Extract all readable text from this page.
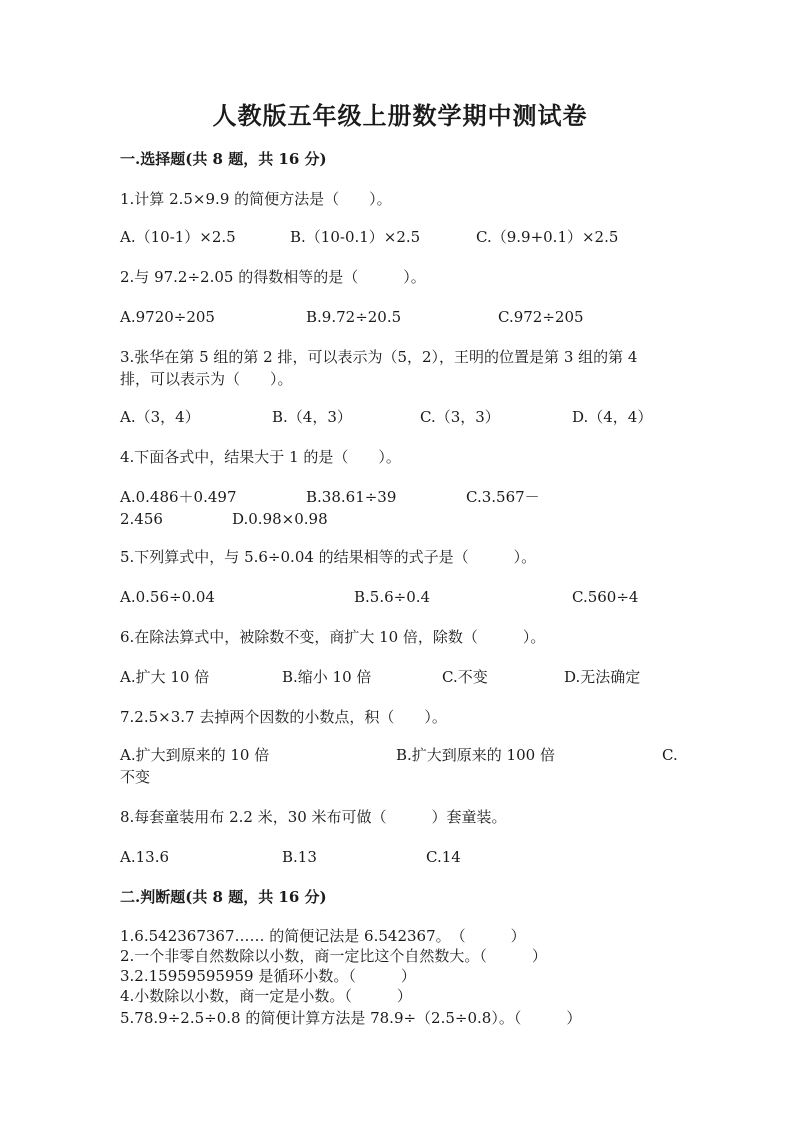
人教版五年级上册数学期中测试卷
一.选择题(共 8 题，共 16 分)
1.计算 2.5×9.9 的简便方法是（　　）。
A.（10-1）×2.5	B.（10-0.1）×2.5	C.（9.9+0.1）×2.5
2.与 97.2÷2.05 的得数相等的是（　　　）。
A.9720÷205	B.9.72÷20.5	C.972÷205
3.张华在第 5 组的第 2 排，可以表示为（5，2），王明的位置是第 3 组的第 4
排，可以表示为（　　）。
A.（3，4）	B.（4，3）	C.（3，3）	D.（4，4）
4.下面各式中，结果大于 1 的是（　　）。
A.0.486＋0.497	B.38.61÷39	C.3.567－
2.456	D.0.98×0.98
5.下列算式中，与 5.6÷0.04 的结果相等的式子是（　　　）。
A.0.56÷0.04	B.5.6÷0.4	C.560÷4
6.在除法算式中，被除数不变，商扩大 10 倍，除数（　　　）。
A.扩大 10 倍	B.缩小 10 倍	C.不变	D.无法确定
7.2.5×3.7 去掉两个因数的小数点，积（　　）。
A.扩大到原来的 10 倍	B.扩大到原来的 100 倍	C.
不变
8.每套童装用布 2.2 米，30 米布可做（　　　）套童装。
A.13.6	B.13	C.14
二.判断题(共 8 题，共 16 分)
1.6.542367367…… 的简便记法是 6.542367。　（　　　）
2.一个非零自然数除以小数，商一定比这个自然数大。（　　　）
3.2.15959595959 是循环小数。（　　　）
4.小数除以小数，商一定是小数。（　　　）
5.78.9÷2.5÷0.8 的简便计算方法是 78.9÷（2.5÷0.8）。（　　　）
